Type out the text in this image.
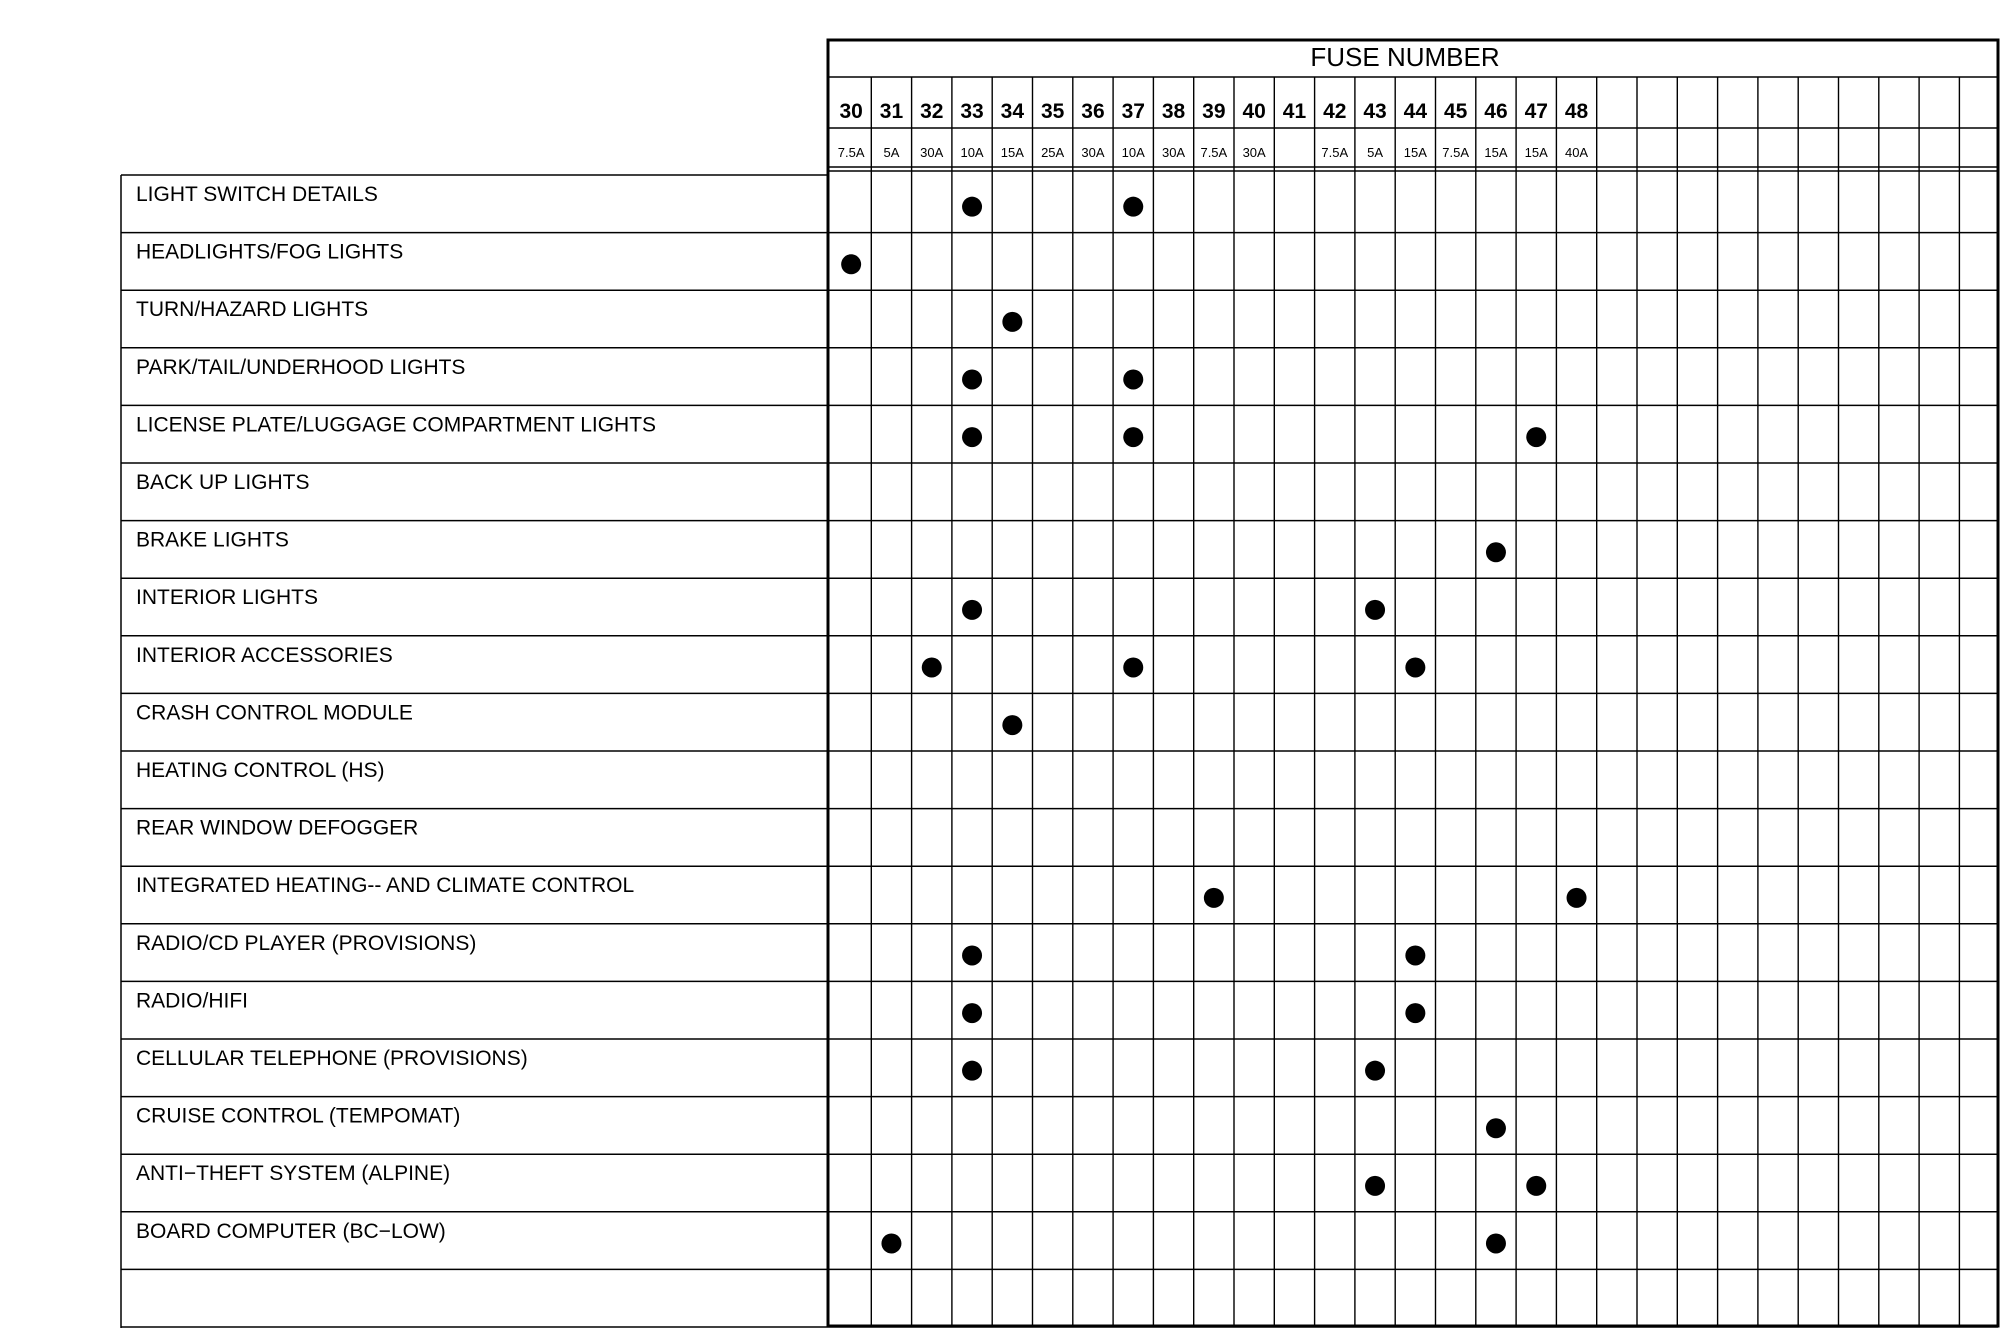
FUSE NUMBER
30 31 32 33 34 35 36 37 38 39 40 41 42 43 44 45 46 47 48
7.5A 5A 30A 10A 15A 25A 30A 10A 30A 7.5A 30A	7.5A 5A 15A 7.5A 15A 15A 40A
LIGHT SWITCH DETAILS
HEADLIGHTS/FOG LIGHTS
TURN/HAZARD LIGHTS
PARK/TAIL/UNDERHOOD LIGHTS
LICENSE PLATE/LUGGAGE COMPARTMENT LIGHTS
BACK UP LIGHTS
BRAKE LIGHTS
INTERIOR LIGHTS
INTERIOR ACCESSORIES
CRASH CONTROL MODULE
HEATING CONTROL (HS)
REAR WINDOW DEFOGGER
INTEGRATED HEATING-- AND CLIMATE CONTROL
RADIO/CD PLAYER (PROVISIONS)
RADIO/HIFI
CELLULAR TELEPHONE (PROVISIONS)
CRUISE CONTROL (TEMPOMAT)
ANTI−THEFT SYSTEM (ALPINE)
BOARD COMPUTER (BC−LOW)
